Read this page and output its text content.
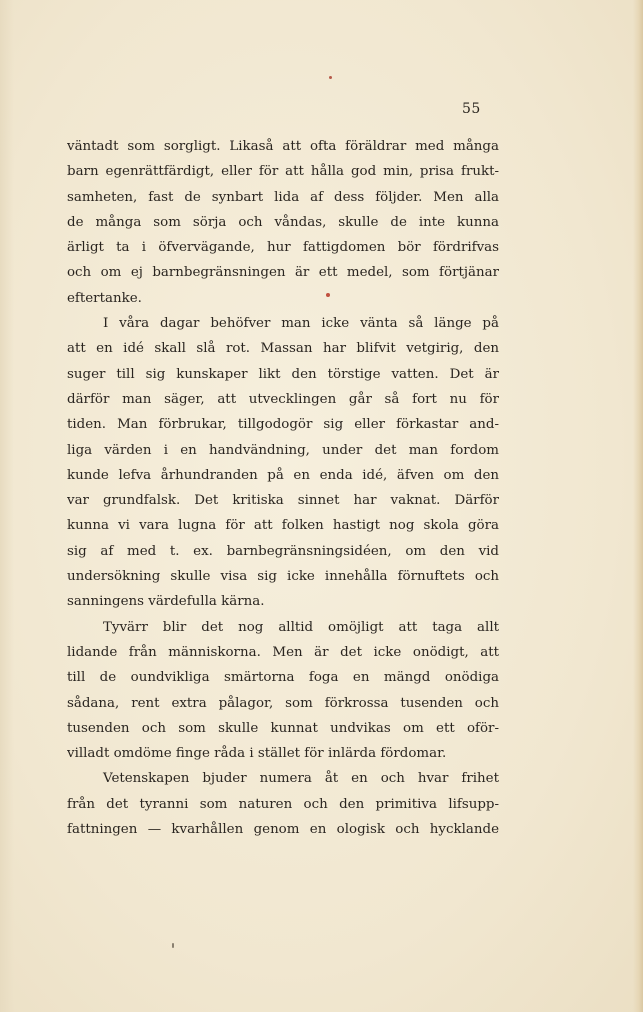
55
väntadt som sorgligt. Likaså att ofta föräldrar med många
barn egenrättfärdigt, eller för att hålla god min, prisa frukt-
samheten, fast de synbart lida af dess följder. Men alla
de många som sörja och våndas, skulle de inte kunna
ärligt ta i öfvervägande, hur fattigdomen bör fördrifvas
och om ej barnbegränsningen är ett medel, som förtjänar
eftertanke.
I våra dagar behöfver man icke vänta så länge på
att en idé skall slå rot. Massan har blifvit vetgirig, den
suger till sig kunskaper likt den törstige vatten. Det är
därför man säger, att utvecklingen går så fort nu för
tiden. Man förbrukar, tillgodogör sig eller förkastar and-
liga värden i en handvändning, under det man fordom
kunde lefva århundranden på en enda idé, äfven om den
var grundfalsk. Det kritiska sinnet har vaknat. Därför
kunna vi vara lugna för att folken hastigt nog skola göra
sig af med t. ex. barnbegränsningsidéen, om den vid
undersökning skulle visa sig icke innehålla förnuftets och
sanningens värdefulla kärna.
Tyvärr blir det nog alltid omöjligt att taga allt
lidande från människorna. Men är det icke onödigt, att
till de oundvikliga smärtorna foga en mängd onödiga
sådana, rent extra pålagor, som förkrossa tusenden och
tusenden och som skulle kunnat undvikas om ett oför-
villadt omdöme finge råda i stället för inlärda fördomar.
Vetenskapen bjuder numera åt en och hvar frihet
från det tyranni som naturen och den primitiva lifsupp-
fattningen — kvarhållen genom en ologisk och hycklande
